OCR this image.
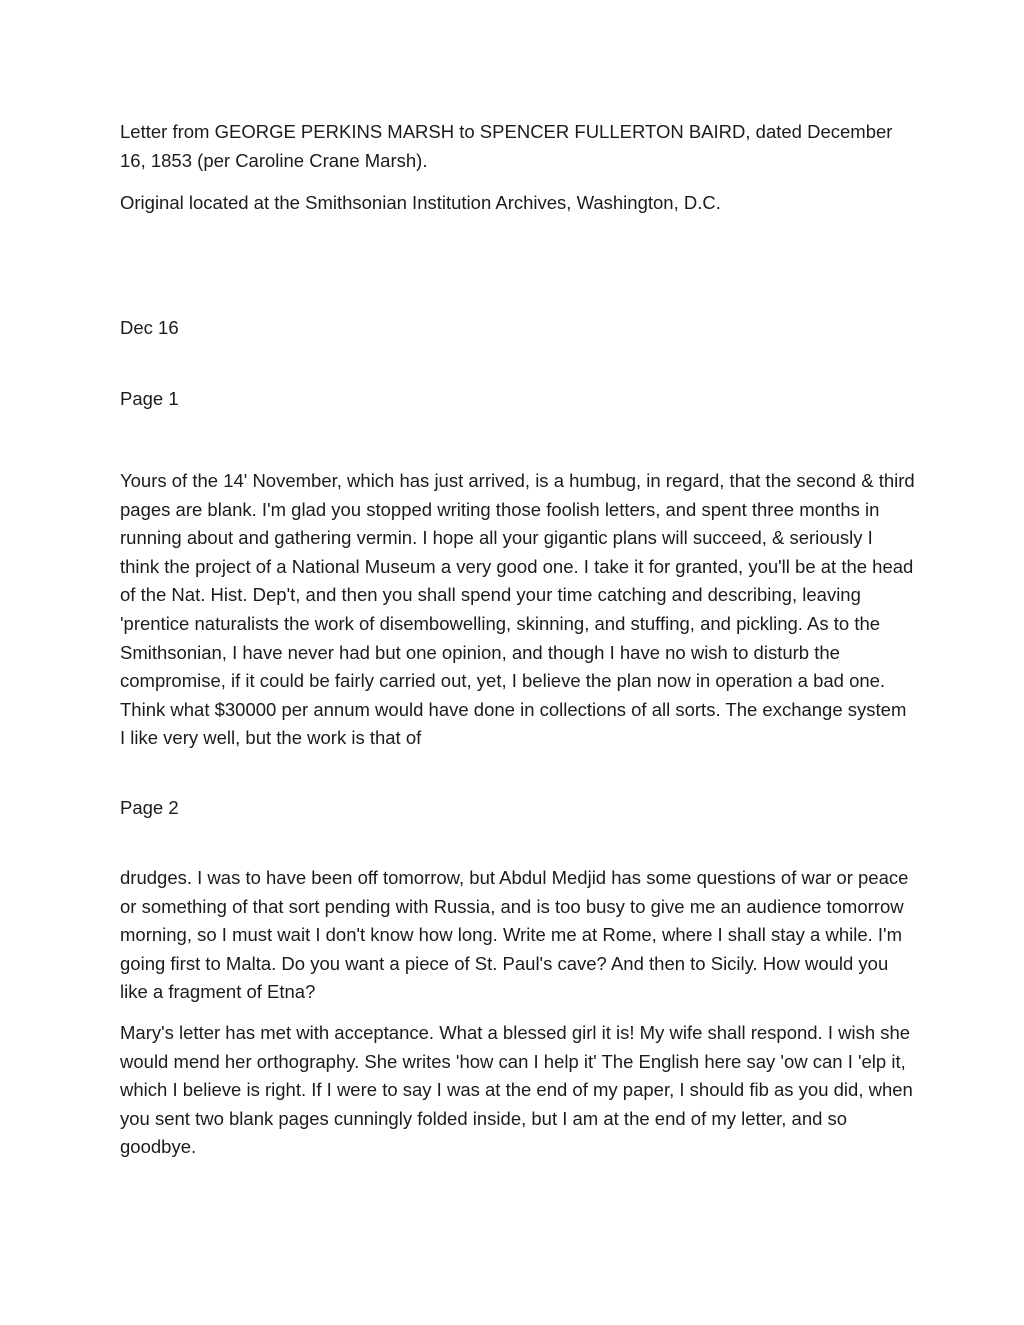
Letter from GEORGE PERKINS MARSH to SPENCER FULLERTON BAIRD, dated December 16, 1853 (per Caroline Crane Marsh).

Original located at the Smithsonian Institution Archives, Washington, D.C.

Dec 16

Page 1

Yours of the 14' November, which has just arrived, is a humbug, in regard, that the second & third pages are blank. I'm glad you stopped writing those foolish letters, and spent three months in running about and gathering vermin. I hope all your gigantic plans will succeed, & seriously I think the project of a National Museum a very good one. I take it for granted, you'll be at the head of the Nat. Hist. Dep't, and then you shall spend your time catching and describing, leaving 'prentice naturalists the work of disembowelling, skinning, and stuffing, and pickling. As to the Smithsonian, I have never had but one opinion, and though I have no wish to disturb the compromise, if it could be fairly carried out, yet, I believe the plan now in operation a bad one. Think what $30000 per annum would have done in collections of all sorts. The exchange system I like very well, but the work is that of

Page 2

drudges. I was to have been off tomorrow, but Abdul Medjid has some questions of war or peace or something of that sort pending with Russia, and is too busy to give me an audience tomorrow morning, so I must wait I don't know how long. Write me at Rome, where I shall stay a while. I'm going first to Malta. Do you want a piece of St. Paul's cave? And then to Sicily. How would you like a fragment of Etna?

Mary's letter has met with acceptance. What a blessed girl it is! My wife shall respond. I wish she would mend her orthography. She writes 'how can I help it' The English here say 'ow can I 'elp it, which I believe is right. If I were to say I was at the end of my paper, I should fib as you did, when you sent two blank pages cunningly folded inside, but I am at the end of my letter, and so goodbye.
